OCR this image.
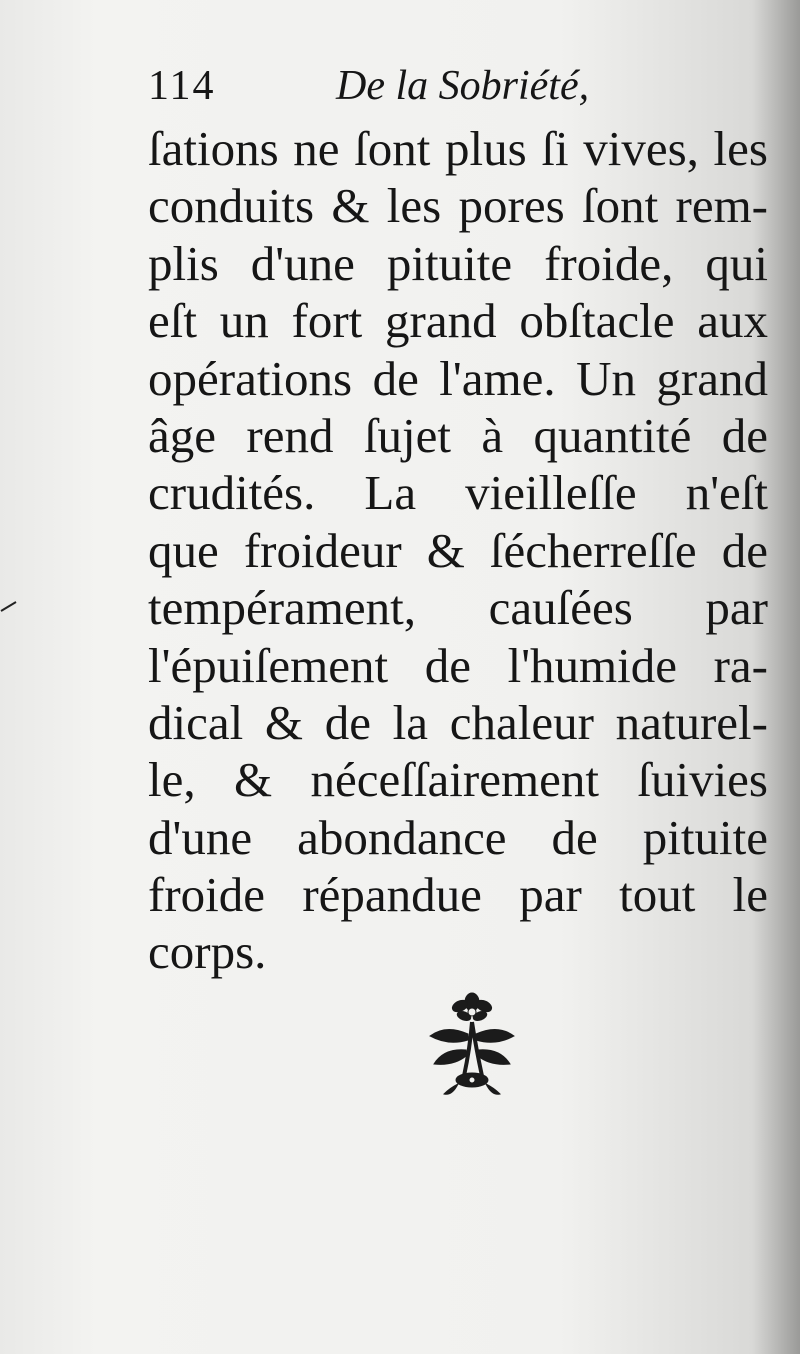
114	De la Sobriété,
ſations ne ſont plus ſi vives, les
conduits & les pores ſont rem-
plis d'une pituite froide, qui
eſt un fort grand obſtacle aux
opérations de l'ame. Un grand
âge rend ſujet à quantité de
crudités. La vieilleſſe n'eſt
que froideur & ſécherreſſe de
tempérament, cauſées par
l'épuiſement de l'humide ra-
dical & de la chaleur naturel-
le, & néceſſairement ſuivies
d'une abondance de pituite
froide répandue par tout le
corps.
